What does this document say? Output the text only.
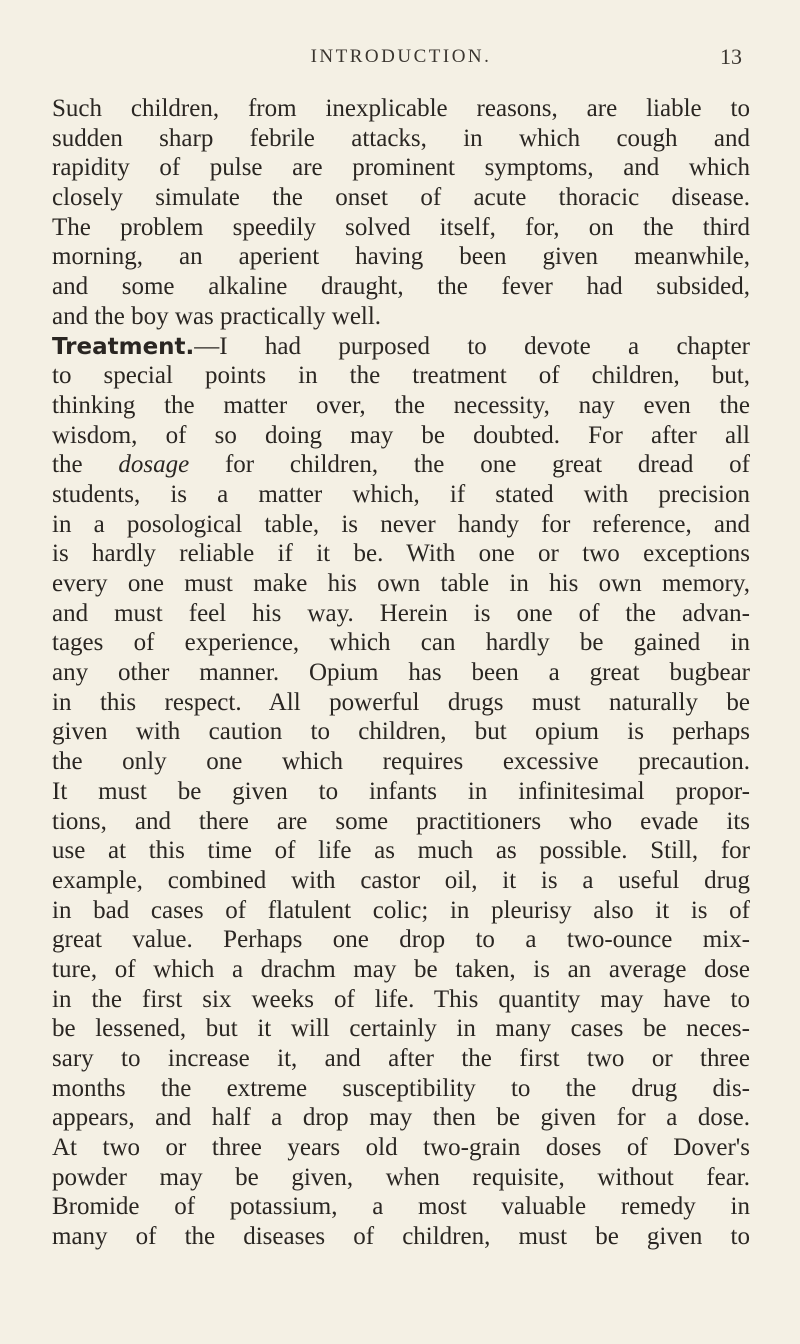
INTRODUCTION.	13
Such children, from inexplicable reasons, are liable to
sudden sharp febrile attacks, in which cough and
rapidity of pulse are prominent symptoms, and which
closely simulate the onset of acute thoracic disease.
The problem speedily solved itself, for, on the third
morning, an aperient having been given meanwhile,
and some alkaline draught, the fever had subsided,
and the boy was practically well.
Treatment.—I had purposed to devote a chapter
to special points in the treatment of children, but,
thinking the matter over, the necessity, nay even the
wisdom, of so doing may be doubted. For after all
the dosage for children, the one great dread of
students, is a matter which, if stated with precision
in a posological table, is never handy for reference, and
is hardly reliable if it be. With one or two exceptions
every one must make his own table in his own memory,
and must feel his way. Herein is one of the advan-
tages of experience, which can hardly be gained in
any other manner. Opium has been a great bugbear
in this respect. All powerful drugs must naturally be
given with caution to children, but opium is perhaps
the only one which requires excessive precaution.
It must be given to infants in infinitesimal propor-
tions, and there are some practitioners who evade its
use at this time of life as much as possible. Still, for
example, combined with castor oil, it is a useful drug
in bad cases of flatulent colic; in pleurisy also it is of
great value. Perhaps one drop to a two-ounce mix-
ture, of which a drachm may be taken, is an average dose
in the first six weeks of life. This quantity may have to
be lessened, but it will certainly in many cases be neces-
sary to increase it, and after the first two or three
months the extreme susceptibility to the drug dis-
appears, and half a drop may then be given for a dose.
At two or three years old two-grain doses of Dover's
powder may be given, when requisite, without fear.
Bromide of potassium, a most valuable remedy in
many of the diseases of children, must be given to
